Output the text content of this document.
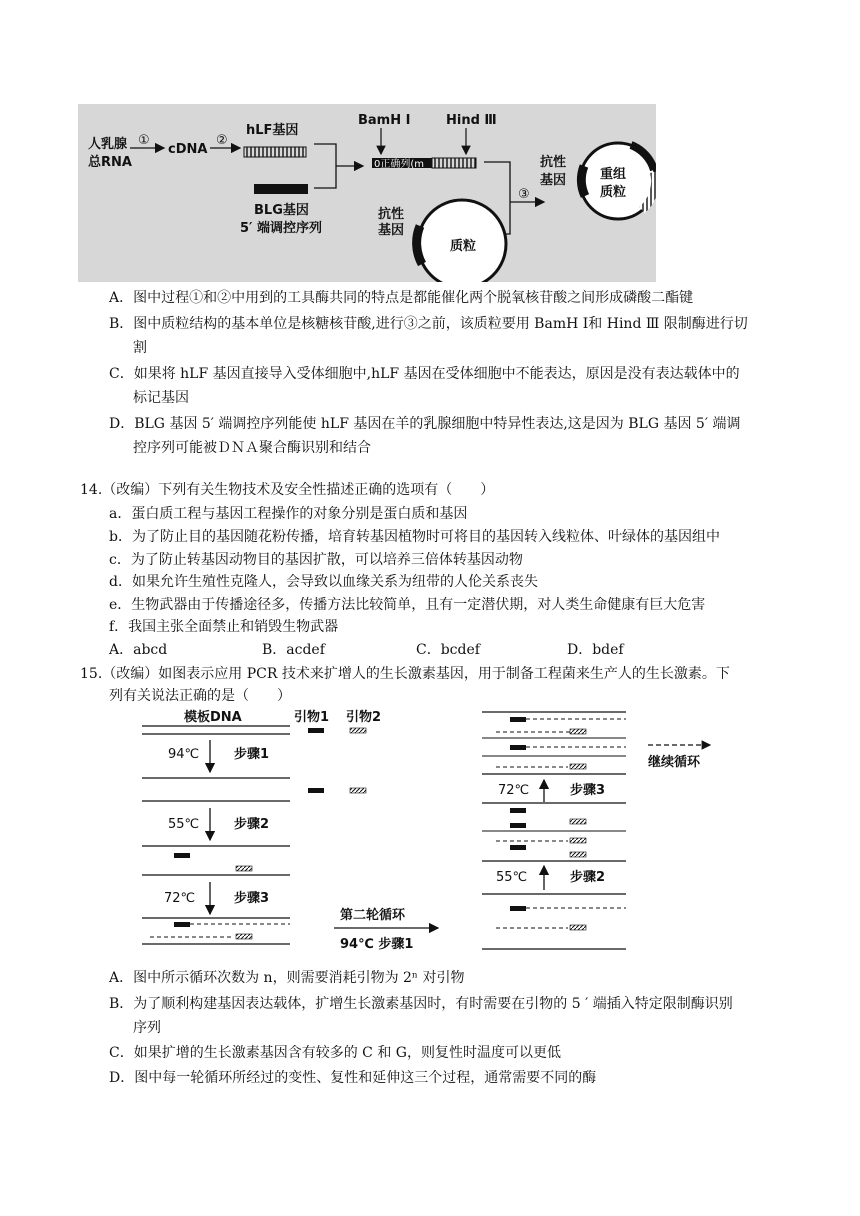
人乳腺
总RNA
①
cDNA
②
hLF基因
BLG基因
5′ 端调控序列
BamH Ⅰ	Hind Ⅲ
0正确列(m
③
质粒
抗性
基因
抗性
基因	重组
质粒
A．图中过程①和②中用到的工具酶共同的特点是都能催化两个脱氧核苷酸之间形成磷酸二酯键
B．图中质粒结构的基本单位是核糖核苷酸,进行③之前，该质粒要用 BamH Ⅰ和 Hind Ⅲ 限制酶进行切
割
C．如果将 hLF 基因直接导入受体细胞中,hLF 基因在受体细胞中不能表达，原因是没有表达载体中的
标记基因
D．BLG 基因 5′ 端调控序列能使 hLF 基因在羊的乳腺细胞中特异性表达,这是因为 BLG 基因 5′ 端调
控序列可能被ＤＮＡ聚合酶识别和结合
14.（改编）下列有关生物技术及安全性描述正确的选项有（　　）
a．蛋白质工程与基因工程操作的对象分别是蛋白质和基因
b．为了防止目的基因随花粉传播，培育转基因植物时可将目的基因转入线粒体、叶绿体的基因组中
c．为了防止转基因动物目的基因扩散，可以培养三倍体转基因动物
d．如果允许生殖性克隆人，会导致以血缘关系为纽带的人伦关系丧失
e．生物武器由于传播途径多，传播方法比较简单，且有一定潜伏期，对人类生命健康有巨大危害
f．我国主张全面禁止和销毁生物武器
A．abcd	B．acdef	C．bcdef	D．bdef
15.（改编）如图表示应用 PCR 技术来扩增人的生长激素基因，用于制备工程菌来生产人的生长激素。下
列有关说法正确的是（　　）
模板DNA	引物1 引物2
94℃	步骤1
55℃	步骤2
72℃	步骤3
第二轮循环
94℃ 步骤1
72℃	步骤3
55℃	步骤2
继续循环
A．图中所示循环次数为 n，则需要消耗引物为 2ⁿ 对引物
B．为了顺利构建基因表达载体，扩增生长激素基因时，有时需要在引物的 5 ′ 端插入特定限制酶识别
序列
C．如果扩增的生长激素基因含有较多的 C 和 G，则复性时温度可以更低
D．图中每一轮循环所经过的变性、复性和延伸这三个过程，通常需要不同的酶
